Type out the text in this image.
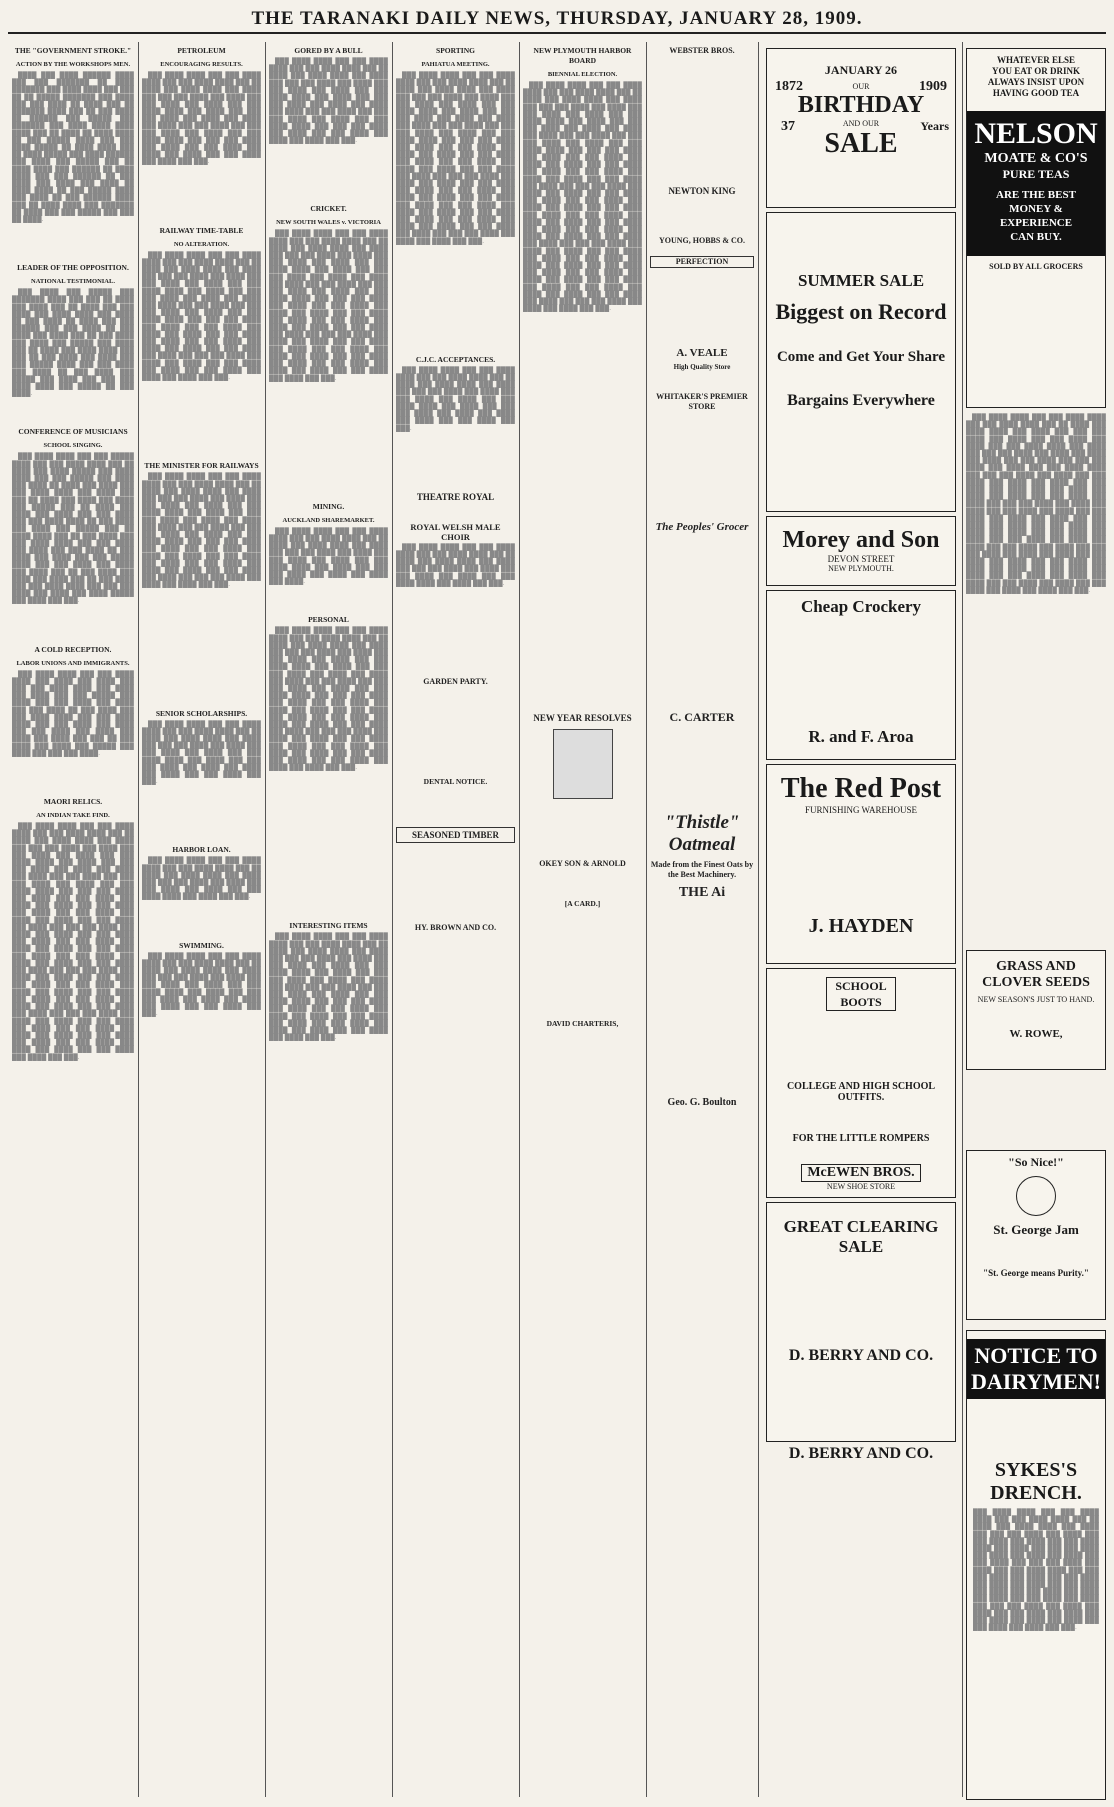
THE TARANAKI DAILY NEWS, THURSDAY, JANUARY 28, 1909.
THE "GOVERNMENT STROKE."
ACTION BY THE WORKSHOPS MEN.

████ ███ ████ ██████ ████ ███ ███ ███████ ██ ████ ███████ ███ ████ ████ ███ ███ ██ ██ █████ ███████ ███ ████ ███ ███ ████ ██ ████ ███ ██ ███████ ████ ███ ██ ███ ████ ██ ██████ ███ █████ ███ ███████ ███ ████ ████ ████ ████ ███ ██ ████ ██ ████ ████ ██ ███ █████ ████ ███ ███ ████ █████ ██ ████ ████ ███ ██ ████ █████ ███ ████ ██████ ███ ████ ███ █████ ███ ██ ████ ████ ███ ██████ ██ ████ ████ ███ ███ ██████ ██ ███ ████ ███ ████ ███ ████ ██ ████ ████ ██ ███ █████ ████ ███ ████ ██ ███ ██████ ████ ███ ██ ████ ████ ███ ███████ ██ ████ ███ ███ █████ ███ ███ ██ ████.

LEADER OF THE OPPOSITION.
NATIONAL TESTIMONIAL.

███ ████ ███ █████ ███ ███████ ████ ███ ███ ██ ████ ███ ████ ███ ██ ████ ███ ███ ████ ███ ████ ████ ███ ████ ██ ███ ████ ██ ████ ███ ███ ██████ ███ ███ ████ ██ ███ ████ ███ ████ ███ ██ ███ ████ ███ ████ ███ █████ ███ ████ ███ ██ ████ ███ ████ ████ ███ ███ ██ ███ ████ ███ ████ ███ ███ █████ ████ ███ ███ ████ ███ ████ ██ ███ ████ ███ █████ ███ ████ ███ ███ ███ ████ ████ ███ █████ ██ ███ ████.

CONFERENCE OF MUSICIANS
SCHOOL SINGING.

███ ████ ████ ███ ███ █████ ████ ███ ███ ████ ████ ███ ██ ████ ███ ████ █████ ███ ████ ████ ███ ███ █████ ███ ████ ███ ████ ██ ████ ███ ████ ███ ███ ████ ████ ███ ████ ███ ███ ██ ████ ███ ████ ███ ████ ███ █████ ███ ██ ████ ███ ████ ███ ████ ███ ███ ████ ███ ███ ████ ████ ██ ███ ████ ███ ████ ███ █████ ███ ██ ████ ████ ███ ██ ███ ████ ███ ███ ████ ████ ███ ███ ████ ███ ████ ███ ███ ████ ██ ███ ████ ███ ████ ███ ███ █████ ████ ███ ███ ████ ███ ████ ███ ████ ███ ██ ███ ████ ███ ████ ███ ████ ███ ██ ███ ████ ███ ███ ████ ████ ███ ███ ███ ████ ███ ████ ███ ████ █████ ███ ████ ███ ███.

A COLD RECEPTION.
LABOR UNIONS AND IMMIGRANTS.

███ ████ ████ ███ ███ ████ ████ ███ ████ ███ ████ ███ ███ ███ ████ ████ ███ ████ ███ ████ ███ ███ █████ ███ ████ ███ ███ ████ ███ ████ ███ ███ ████ ██ ███ ████ ███ ███ ████ ████ ███ ███ ████ ████ ███ ███ ████ ███ ████ ███ ███ ████ ███ ████ ███ ████ ███ ████ ███ ███ ██ ███ ████ ███ ████ ███ █████ ███ ████ ███ ███ ███ ████.

MAORI RELICS.
AN INDIAN TAKE FIND.

███ ████ ████ ███ ███ ████ ████ ███ ███ ████ ████ ███ ██ ████ ███ ████ ████ ███ ████ ███ ███ ███ ████ ███ ████ ███ ███ ████ ███ ████ ███ ███ ████ ████ ███ ████ ███ ███ ███ ████ ███ ████ ███ ████ ███ ████ ███ ███ ████ ███ ███ ███ ████ ███ ████ ███ ███ ████ ████ ███ ███ ███ ████ ███ ████ ███ ███ ████ ███ ████ ███ ████ ███ ███ ████ ███ ████ ███ ███ ████ ███ ████ ███ ████ ███ ███ ████ ███ ████ ███ ███ ███ ████ ███ ████ ███ ████ ███ ███ ████ ███ ████ ███ ███ ████ ███ ████ ███ ████ ███ ███ ████ ███ ████ ███ ███ ████ ███ ████ ███ ████ ███ ███ ████ ███ ████ ███ ███ ███ ████ ███ ████ ███ ████ ███ ███ ████ ███ ████ ███ ███ ████ ███ ████ ███ ████ ███ ███ ████ ███ ████ ███ ███ ████ ███ ████ ███ ████ ███ ███ ████ ███ ████ ███ ███ ███ ████ ███ ████ ███ ████ ███ ███ ████ ███ ████ ███ ███ ████ ███ ████ ███ ████ ███ ███ ████ ███ ████ ███ ███ ████ ███ ████ ███ ████ ███ ███ ████ ███ ████ ███ ███.

PETROLEUM
ENCOURAGING RESULTS.

███ ████ ████ ███ ███ ████ ████ ███ ███ ████ ████ ███ ██ ████ ███ ████ ████ ███ ████ ███ ███ ███ ████ ███ ████ ███ ███ ████ ███ ████ ███ ███ ████ ████ ███ ████ ███ ███ ███ ████ ███ ████ ███ ████ ███ ████ ███ ███ ████ ███ ███ ███ ████ ███ ████ ███ ███ ████ ████ ███ ███ ███ ████ ███ ████ ███ ███ ████ ███ ████ ███ ████ ███ ███ ████ ███ ████ ███ ███.

RAILWAY TIME-TABLE
NO ALTERATION.

███ ████ ████ ███ ███ ████ ████ ███ ███ ████ ████ ███ ██ ████ ███ ████ ████ ███ ████ ███ ███ ███ ████ ███ ████ ███ ███ ████ ███ ████ ███ ███ ████ ████ ███ ████ ███ ███ ███ ████ ███ ████ ███ ████ ███ ████ ███ ███ ████ ███ ███ ███ ████ ███ ████ ███ ███ ████ ████ ███ ███ ███ ████ ███ ████ ███ ███ ████ ███ ████ ███ ████ ███ ███ ████ ███ ████ ███ ███ ████ ███ ████ ███ ████ ███ ███ ████ ███ ████ ███ ███ ███ ████ ███ ████ ███ ████ ███ ███ ████ ███ ████ ███ ███ ████ ███ ████ ███ ████ ███ ███.

THE MINISTER FOR RAILWAYS

███ ████ ████ ███ ███ ████ ████ ███ ███ ████ ████ ███ ██ ████ ███ ████ ████ ███ ████ ███ ███ ███ ████ ███ ████ ███ ███ ████ ███ ████ ███ ███ ████ ████ ███ ████ ███ ███ ███ ████ ███ ████ ███ ████ ███ ████ ███ ███ ████ ███ ███ ███ ████ ███ ████ ███ ███ ████ ████ ███ ███ ███ ████ ███ ████ ███ ███ ████ ███ ████ ███ ████ ███ ███ ████ ███ ████ ███ ███ ████ ███ ████ ███ ████ ███ ███ ████ ███ ████ ███ ███ ███ ████ ███ ████ ███ ████ ███ ███.

SENIOR SCHOLARSHIPS.

███ ████ ████ ███ ███ ████ ████ ███ ███ ████ ████ ███ ██ ████ ███ ████ ████ ███ ████ ███ ███ ███ ████ ███ ████ ███ ███ ████ ███ ████ ███ ███ ████ ████ ███ ████ ███ ███ ███ ████ ███ ████ ███ ████ ███ ████ ███ ███ ████ ███ ███.

HARBOR LOAN.

███ ████ ████ ███ ███ ████ ████ ███ ███ ████ ████ ███ ██ ████ ███ ████ ████ ███ ████ ███ ███ ███ ████ ███ ████ ███ ███ ████ ███ ████ ███ ███ ████ ████ ███ ████ ███ ███.

SWIMMING.

███ ████ ████ ███ ███ ████ ████ ███ ███ ████ ████ ███ ██ ████ ███ ████ ████ ███ ████ ███ ███ ███ ████ ███ ████ ███ ███ ████ ███ ████ ███ ███ ████ ████ ███ ████ ███ ███ ███ ████ ███ ████ ███ ████ ███ ████ ███ ███ ████ ███ ███.

GORED BY A BULL

███ ████ ████ ███ ███ ████ ████ ███ ███ ████ ████ ███ ██ ████ ███ ████ ████ ███ ████ ███ ███ ███ ████ ███ ████ ███ ███ ████ ███ ████ ███ ███ ████ ████ ███ ████ ███ ███ ███ ████ ███ ████ ███ ████ ███ ████ ███ ███ ████ ███ ███ ███ ████ ███ ████ ███ ███ ████ ████ ███ ███ ███ ████ ███ ████ ███ ███ ████ ███ ████ ███ ████ ███ ███.

CRICKET.
NEW SOUTH WALES v. VICTORIA

███ ████ ████ ███ ███ ████ ████ ███ ███ ████ ████ ███ ██ ████ ███ ████ ████ ███ ████ ███ ███ ███ ████ ███ ████ ███ ███ ████ ███ ████ ███ ███ ████ ████ ███ ████ ███ ███ ███ ████ ███ ████ ███ ████ ███ ████ ███ ███ ████ ███ ███ ███ ████ ███ ████ ███ ███ ████ ████ ███ ███ ███ ████ ███ ████ ███ ███ ████ ███ ████ ███ ████ ███ ███ ████ ███ ████ ███ ███ ████ ███ ████ ███ ████ ███ ███ ████ ███ ████ ███ ███ ███ ████ ███ ████ ███ ████ ███ ███ ████ ███ ████ ███ ███ ████ ███ ████ ███ ████ ███ ███ ████ ███ ████ ███ ███ ████ ███ ████ ███ ████ ███ ███ ████ ███ ████ ███ ███.

MINING.
AUCKLAND SHAREMARKET.

███ ████ ████ ███ ███ ████ ████ ███ ███ ████ ████ ███ ██ ████ ███ ████ ████ ███ ████ ███ ███ ███ ████ ███ ████ ███ ███ ████ ███ ████ ███ ███ ████ ████ ███ ████ ███ ███ ███ ████ ███ ████ ███ ████ ███ ████.

PERSONAL

███ ████ ████ ███ ███ ████ ████ ███ ███ ████ ████ ███ ██ ████ ███ ████ ████ ███ ████ ███ ███ ███ ████ ███ ████ ███ ███ ████ ███ ████ ███ ███ ████ ████ ███ ████ ███ ███ ███ ████ ███ ████ ███ ████ ███ ████ ███ ███ ████ ███ ███ ███ ████ ███ ████ ███ ███ ████ ████ ███ ███ ███ ████ ███ ████ ███ ███ ████ ███ ████ ███ ████ ███ ███ ████ ███ ████ ███ ███ ████ ███ ████ ███ ████ ███ ███ ████ ███ ████ ███ ███ ███ ████ ███ ████ ███ ████ ███ ███ ████ ███ ████ ███ ███ ████ ███ ████ ███ ████ ███ ███ ████ ███ ████ ███ ███ ████ ███ ████ ███ ████ ███ ███.

INTERESTING ITEMS

███ ████ ████ ███ ███ ████ ████ ███ ███ ████ ████ ███ ██ ████ ███ ████ ████ ███ ████ ███ ███ ███ ████ ███ ████ ███ ███ ████ ███ ████ ███ ███ ████ ████ ███ ████ ███ ███ ███ ████ ███ ████ ███ ████ ███ ████ ███ ███ ████ ███ ███ ███ ████ ███ ████ ███ ███ ████ ████ ███ ███ ███ ████ ███ ████ ███ ███ ████ ███ ████ ███ ████ ███ ███ ████ ███ ████ ███ ███ ████ ███ ████ ███ ████ ███ ███ ████ ███ ████ ███ ███.

SPORTING
PAHIATUA MEETING.

███ ████ ████ ███ ███ ████ ████ ███ ███ ████ ████ ███ ██ ████ ███ ████ ████ ███ ████ ███ ███ ███ ████ ███ ████ ███ ███ ████ ███ ████ ███ ███ ████ ████ ███ ████ ███ ███ ███ ████ ███ ████ ███ ████ ███ ████ ███ ███ ████ ███ ███ ███ ████ ███ ████ ███ ███ ████ ████ ███ ███ ███ ████ ███ ████ ███ ███ ████ ███ ████ ███ ████ ███ ███ ████ ███ ████ ███ ███ ████ ███ ████ ███ ████ ███ ███ ████ ███ ████ ███ ███ ███ ████ ███ ████ ███ ████ ███ ███ ████ ███ ████ ███ ███ ████ ███ ████ ███ ████ ███ ███ ████ ███ ████ ███ ███ ████ ███ ████ ███ ████ ███ ███ ████ ███ ████ ███ ███ ████ ███ ████ ███ ████ ███ ███ ████ ███ ████ ███ ███ ███ ████ ███ ████ ███ ████ ███ ███.

C.J.C. ACCEPTANCES.

███ ████ ████ ███ ███ ████ ████ ███ ███ ████ ████ ███ ██ ████ ███ ████ ████ ███ ████ ███ ███ ███ ████ ███ ████ ███ ███ ████ ███ ████ ███ ███ ████ ████ ███ ████ ███ ███ ███ ████ ███ ████ ███ ████ ███ ████ ███ ███ ████ ███ ███.

THEATRE ROYAL
ROYAL WELSH MALE CHOIR

███ ████ ████ ███ ███ ████ ████ ███ ███ ████ ████ ███ ██ ████ ███ ████ ████ ███ ████ ███ ███ ███ ████ ███ ████ ███ ███ ████ ███ ████ ███ ███ ████ ████ ███ ████ ███ ███.

GARDEN PARTY.
DENTAL NOTICE.
SEASONED TIMBER
HY. BROWN AND CO.
NEW PLYMOUTH HARBOR BOARD
BIENNIAL ELECTION.

███ ████ ████ ███ ███ ████ ████ ███ ███ ████ ████ ███ ██ ████ ███ ████ ████ ███ ████ ███ ███ ███ ████ ███ ████ ███ ███ ████ ███ ████ ███ ███ ████ ████ ███ ████ ███ ███ ███ ████ ███ ████ ███ ████ ███ ████ ███ ███ ████ ███ ███ ███ ████ ███ ████ ███ ███ ████ ████ ███ ███ ███ ████ ███ ████ ███ ███ ████ ███ ████ ███ ████ ███ ███ ████ ███ ████ ███ ███ ████ ███ ████ ███ ████ ███ ███ ████ ███ ████ ███ ███ ███ ████ ███ ████ ███ ████ ███ ███ ████ ███ ████ ███ ███ ████ ███ ████ ███ ████ ███ ███ ████ ███ ████ ███ ███ ████ ███ ████ ███ ████ ███ ███ ████ ███ ████ ███ ███ ████ ███ ████ ███ ████ ███ ███ ████ ███ ████ ███ ███ ███ ████ ███ ████ ███ ████ ███ ███ ████ ███ ████ ███ ███ ████ ███ ████ ███ ████ ███ ███ ████ ███ ████ ███ ███ ████ ███ ████ ███ ████ ███ ███ ████ ███ ████ ███ ███ ████ ███ ████ ███ ████ ███ ███ ████ ███ ████ ███ ███ ███ ████ ███ ████ ███ ████ ███ ███.

NEW YEAR RESOLVES
OKEY SON & ARNOLD
[A CARD.]
DAVID CHARTERIS,
WEBSTER BROS.
NEWTON KING
YOUNG, HOBBS & CO.
PERFECTION
A. VEALE
High Quality Store
WHITAKER'S PREMIER STORE
The Peoples' Grocer
C. CARTER
"Thistle" Oatmeal
Made from the Finest Oats by the Best Machinery.
THE Ai
Geo. G. Boulton
1872
37
1909
Years
JANUARY 26
OUR
BIRTHDAY
AND OUR
SALE
SUMMER SALE
Biggest on Record
Come and Get Your Share
Bargains Everywhere
Morey and Son
DEVON STREET
NEW PLYMOUTH.
Cheap Crockery
R. and F. Aroa
The Red Post
FURNISHING WAREHOUSE
J. HAYDEN
SCHOOL BOOTS
COLLEGE AND HIGH SCHOOL OUTFITS.
FOR THE LITTLE ROMPERS
McEWEN BROS.
NEW SHOE STORE
GREAT CLEARING SALE
D. BERRY AND CO.
D. BERRY AND CO.
WHATEVER ELSE YOU EAT OR DRINK ALWAYS INSIST UPON HAVING GOOD TEA
NELSON
MOATE & CO'S
PURE TEAS
ARE THE BEST MONEY & EXPERIENCE CAN BUY.
SOLD BY ALL GROCERS

███ ████ ████ ███ ███ ████ ████ ███ ███ ████ ████ ███ ██ ████ ███ ████ ████ ███ ████ ███ ███ ███ ████ ███ ████ ███ ███ ████ ███ ████ ███ ███ ████ ████ ███ ████ ███ ███ ███ ████ ███ ████ ███ ████ ███ ████ ███ ███ ████ ███ ███ ███ ████ ███ ████ ███ ███ ████ ████ ███ ███ ███ ████ ███ ████ ███ ███ ████ ███ ████ ███ ████ ███ ███ ████ ███ ████ ███ ███ ████ ███ ████ ███ ████ ███ ███ ████ ███ ████ ███ ███ ███ ████ ███ ████ ███ ████ ███ ███ ████ ███ ████ ███ ███ ████ ███ ████ ███ ████ ███ ███ ████ ███ ████ ███ ███ ████ ███ ████ ███ ████ ███ ███ ████ ███ ████ ███ ███ ████ ███ ████ ███ ████ ███ ███ ████ ███ ████ ███ ███ ███ ████ ███ ████ ███ ████ ███ ███ ████ ███ ████ ███ ███ ████ ███ ████ ███ ████ ███ ███ ████ ███ ████ ███ ███ ████ ███ ████ ███ ████ ███ ███ ████ ███ ████ ███ ███ ████ ███ ████ ███ ████ ███ ███.

GRASS AND CLOVER SEEDS
NEW SEASON'S JUST TO HAND.
W. ROWE,
"So Nice!"
St. George Jam
"St. George means Purity."
NOTICE TO DAIRYMEN!
SYKES'S DRENCH.

███ ████ ████ ███ ███ ████ ████ ███ ███ ████ ████ ███ ██ ████ ███ ████ ████ ███ ████ ███ ███ ███ ████ ███ ████ ███ ███ ████ ███ ████ ███ ███ ████ ████ ███ ████ ███ ███ ███ ████ ███ ████ ███ ████ ███ ████ ███ ███ ████ ███ ███ ███ ████ ███ ████ ███ ███ ████ ████ ███ ███ ███ ████ ███ ████ ███ ███ ████ ███ ████ ███ ████ ███ ███ ████ ███ ████ ███ ███ ████ ███ ████ ███ ████ ███ ███ ████ ███ ████ ███ ███ ███ ████ ███ ████ ███ ████ ███ ███ ████ ███ ████ ███ ███ ████ ███ ████ ███ ████ ███ ███ ████ ███ ████ ███ ███.
